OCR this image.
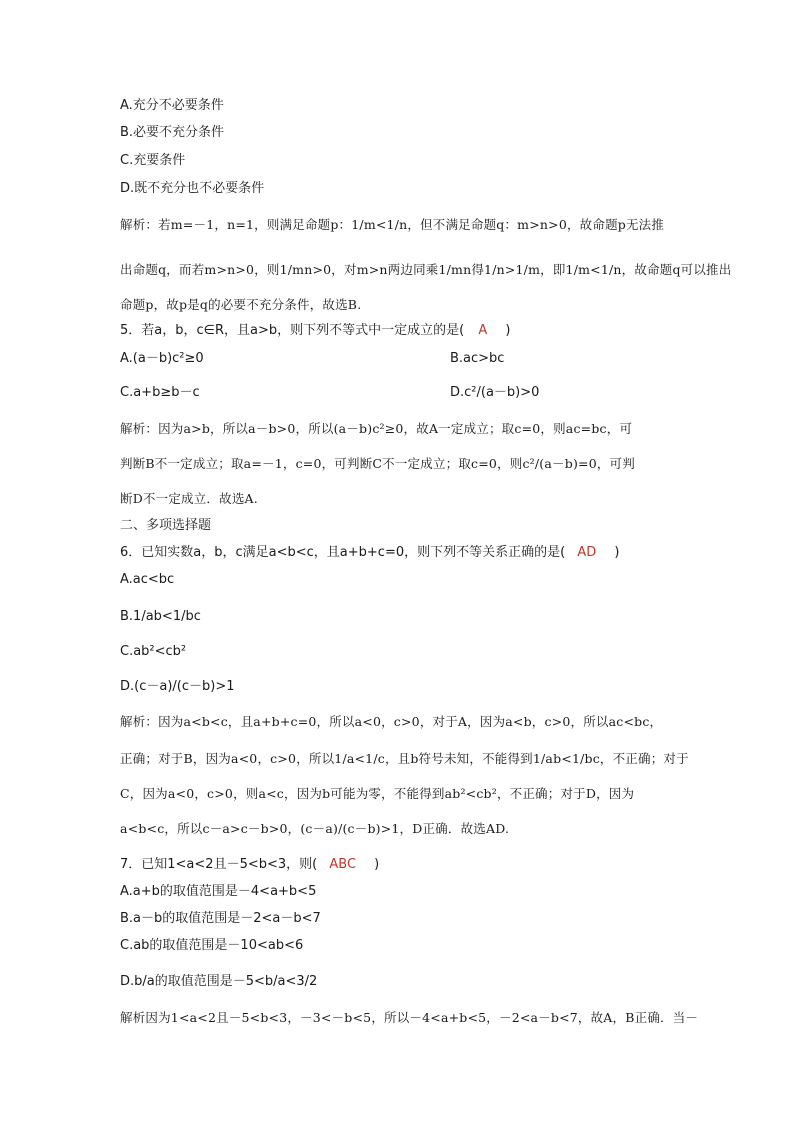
A.充分不必要条件
B.必要不充分条件
C.充要条件
D.既不充分也不必要条件
解析：若m=－1，n=1，则满足命题p：1/m<1/n，但不满足命题q：m>n>0，故命题p无法推
出命题q，而若m>n>0，则1/mn>0，对m>n两边同乘1/mn得1/n>1/m，即1/m<1/n，故命题q可以推出
命题p，故p是q的必要不充分条件，故选B.
5．若a，b，c∈R，且a>b，则下列不等式中一定成立的是( A )
A.(a－b)c²≥0	B.ac>bc
C.a+b≥b－c	D.c²/(a－b)>0
解析：因为a>b，所以a－b>0，所以(a－b)c²≥0，故A一定成立；取c=0，则ac=bc，可
判断B不一定成立；取a=－1，c=0，可判断C不一定成立；取c=0，则c²/(a－b)=0，可判
断D不一定成立．故选A.
二、多项选择题
6．已知实数a，b，c满足a<b<c，且a+b+c=0，则下列不等关系正确的是( AD )
A.ac<bc
B.1/ab<1/bc
C.ab²<cb²
D.(c－a)/(c－b)>1
解析：因为a<b<c，且a+b+c=0，所以a<0，c>0，对于A，因为a<b，c>0，所以ac<bc，
正确；对于B，因为a<0，c>0，所以1/a<1/c，且b符号未知，不能得到1/ab<1/bc，不正确；对于
C，因为a<0，c>0，则a<c，因为b可能为零，不能得到ab²<cb²，不正确；对于D，因为
a<b<c，所以c－a>c－b>0，(c－a)/(c－b)>1，D正确．故选AD.
7．已知1<a<2且－5<b<3，则( ABC )
A.a+b的取值范围是－4<a+b<5
B.a－b的取值范围是－2<a－b<7
C.ab的取值范围是－10<ab<6
D.b/a的取值范围是－5<b/a<3/2
解析因为1<a<2且－5<b<3，－3<－b<5，所以－4<a+b<5，－2<a－b<7，故A，B正确．当－
